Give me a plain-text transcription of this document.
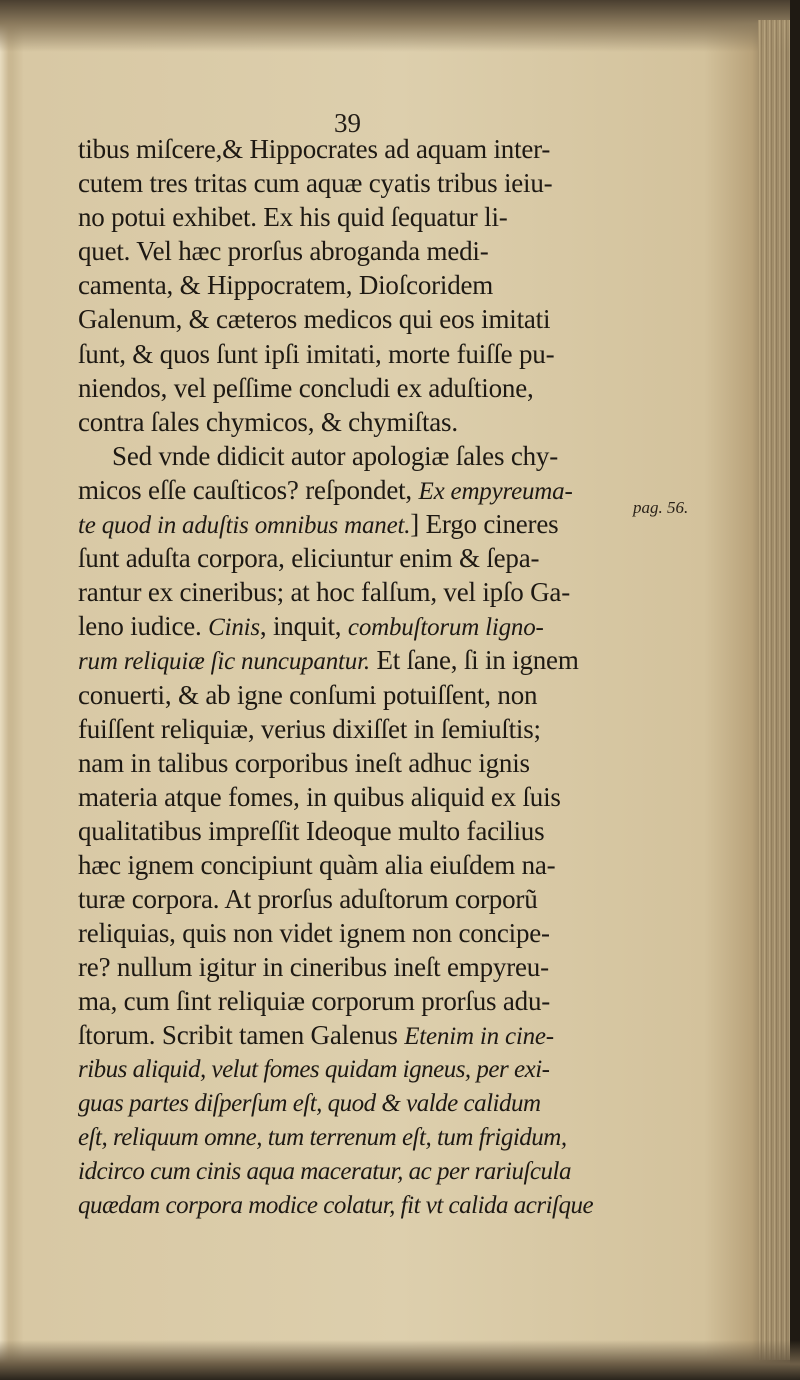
39
pag. 56.
tibus miſcere,& Hippocrates ad aquam inter-
cutem tres tritas cum aquæ cyatis tribus ieiu-
no potui exhibet. Ex his quid ſequatur li-
quet. Vel hæc prorſus abroganda medi-
camenta, & Hippocratem, Dioſcoridem
Galenum, & cæteros medicos qui eos imitati
ſunt, & quos ſunt ipſi imitati, morte fuiſſe pu-
niendos, vel peſſime concludi ex aduſtione,
contra ſales chymicos, & chymiſtas.
Sed vnde didicit autor apologiæ ſales chy-
micos eſſe cauſticos? reſpondet, Ex empyreuma-
te quod in aduſtis omnibus manet.] Ergo cineres
ſunt aduſta corpora, eliciuntur enim & ſepa-
rantur ex cineribus; at hoc falſum, vel ipſo Ga-
leno iudice. Cinis, inquit, combuſtorum ligno-
rum reliquiæ ſic nuncupantur. Et ſane, ſi in ignem
conuerti, & ab igne conſumi potuiſſent, non
fuiſſent reliquiæ, verius dixiſſet in ſemiuſtis;
nam in talibus corporibus ineſt adhuc ignis
materia atque fomes, in quibus aliquid ex ſuis
qualitatibus impreſſit Ideoque multo facilius
hæc ignem concipiunt quàm alia eiuſdem na-
turæ corpora. At prorſus aduſtorum corporũ
reliquias, quis non videt ignem non concipe-
re? nullum igitur in cineribus ineſt empyreu-
ma, cum ſint reliquiæ corporum prorſus adu-
ſtorum. Scribit tamen Galenus Etenim in cine-
ribus aliquid, velut fomes quidam igneus, per exi-
guas partes diſperſum eſt, quod & valde calidum
eſt, reliquum omne, tum terrenum eſt, tum frigidum,
idcirco cum cinis aqua maceratur, ac per rariuſcula
quædam corpora modice colatur, fit vt calida acriſque
